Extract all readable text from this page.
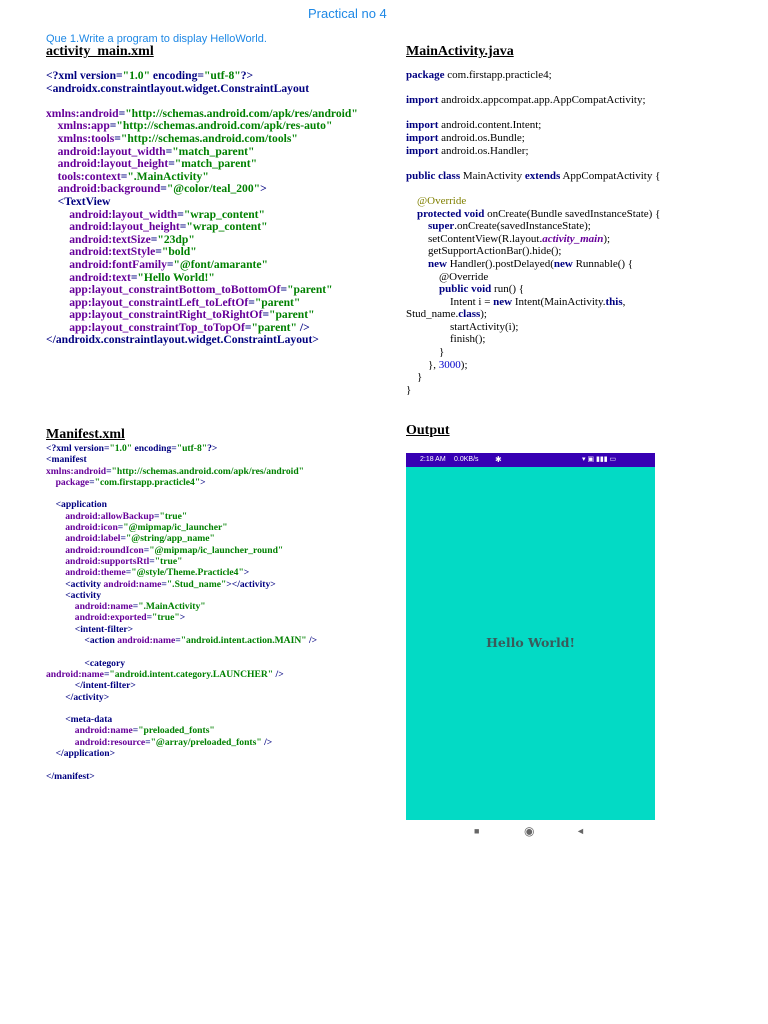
Practical no 4
Que 1.Write a program to display HelloWorld.
activity_main.xml
<?xml version="1.0" encoding="utf-8"?>
<androidx.constraintlayout.widget.ConstraintLayout

xmlns:android="http://schemas.android.com/apk/res/android"
xmlns:app="http://schemas.android.com/apk/res-auto"
xmlns:tools="http://schemas.android.com/tools"
android:layout_width="match_parent"
android:layout_height="match_parent"
tools:context=".MainActivity"
android:background="@color/teal_200">
<TextView
android:layout_width="wrap_content"
android:layout_height="wrap_content"
android:textSize="23dp"
android:textStyle="bold"
android:fontFamily="@font/amarante"
android:text="Hello World!"
app:layout_constraintBottom_toBottomOf="parent"
app:layout_constraintLeft_toLeftOf="parent"
app:layout_constraintRight_toRightOf="parent"
app:layout_constraintTop_toTopOf="parent" />
</androidx.constraintlayout.widget.ConstraintLayout>
MainActivity.java
package com.firstapp.practicle4;

import androidx.appcompat.app.AppCompatActivity;

import android.content.Intent;
import android.os.Bundle;
import android.os.Handler;

public class MainActivity extends AppCompatActivity {

@Override
protected void onCreate(Bundle savedInstanceState) {
super.onCreate(savedInstanceState);
setContentView(R.layout.activity_main);
getSupportActionBar().hide();
new Handler().postDelayed(new Runnable() {
@Override
public void run() {
Intent i = new Intent(MainActivity.this,
Stud_name.class);
startActivity(i);
finish();
}
}, 3000);
}
}
Manifest.xml
<?xml version="1.0" encoding="utf-8"?>
<manifest
xmlns:android="http://schemas.android.com/apk/res/android"
package="com.firstapp.practicle4">

<application
android:allowBackup="true"
android:icon="@mipmap/ic_launcher"
android:label="@string/app_name"
android:roundIcon="@mipmap/ic_launcher_round"
android:supportsRtl="true"
android:theme="@style/Theme.Practicle4">
<activity android:name=".Stud_name"></activity>
<activity
android:name=".MainActivity"
android:exported="true">
<intent-filter>
<action android:name="android.intent.action.MAIN" />

<category
android:name="android.intent.category.LAUNCHER" />
</intent-filter>
</activity>

<meta-data
android:name="preloaded_fonts"
android:resource="@array/preloaded_fonts" />
</application>

</manifest>
Output
2:18 AM 0.0KB/s ✱	▾ ▣ ▮▮▮ ▭
Hello World!
■	◉	◄
